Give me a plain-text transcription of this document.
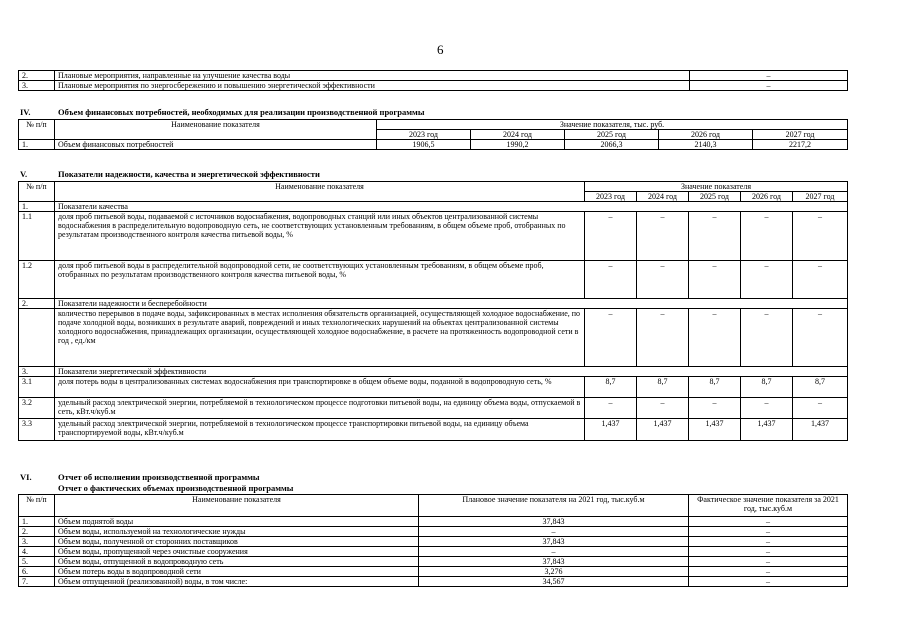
6
2.	Плановые мероприятия, направленные на улучшение качества воды	–
3.	Плановые мероприятия по энергосбережению и повышению энергетической эффективности	–
IV.	Объем финансовых потребностей, необходимых для реализации производственной программы
№ п/п	Наименование показателя	Значение показателя, тыс. руб.				
		2023 год	2024 год	2025 год	2026 год	2027 год
1.	Объем финансовых потребностей	1906,5	1990,2	2066,3	2140,3	2217,2
V.	Показатели надежности, качества и энергетической эффективности
№ п/п	Наименование показателя	Значение показателя				
		2023 год	2024 год	2025 год	2026 год	2027 год
1.	Показатели качества					
1.1	доля проб питьевой воды, подаваемой с источников водоснабжения, водопроводных станций или иных объектов централизованной системы водоснабжения в распределительную водопроводную сеть, не соответствующих установленным требованиям, в общем объеме проб, отобранных по результатам производственного контроля качества питьевой воды, %	–	–	–	–	–
1.2	доля проб питьевой воды в распределительной водопроводной сети, не соответствующих установленным требованиям, в общем объеме проб, отобранных по результатам производственного контроля качества питьевой воды, %	–	–	–	–	–
2.	Показатели надежности и бесперебойности					
	количество перерывов в подаче воды, зафиксированных в местах исполнения обязательств организацией, осуществляющей холодное водоснабжение, по подаче холодной воды, возникших в результате аварий, повреждений и иных технологических нарушений на объектах централизованной системы холодного водоснабжения, принадлежащих организации, осуществляющей холодное водоснабжение, в расчете на протяженность водопроводной сети в год , ед./км	–	–	–	–	–
3.	Показатели энергетической эффективности					
3.1	доля потерь воды в централизованных системах водоснабжения при транспортировке в общем объеме воды, поданной в водопроводную сеть, %	8,7	8,7	8,7	8,7	8,7
3.2	удельный расход электрической энергии, потребляемой в технологическом процессе подготовки питьевой воды, на единицу объема воды, отпускаемой в сеть, кВт.ч/куб.м	–	–	–	–	–
3.3	удельный расход электрической энергии, потребляемой в технологическом процессе транспортировки питьевой воды, на единицу объема транспортируемой воды, кВт.ч/куб.м	1,437	1,437	1,437	1,437	1,437
VI.	Отчет об исполнении производственной программы
Отчет о фактических объемах производственной программы
№ п/п	Наименование показателя	Плановое значение показателя на 2021 год, тыс.куб.м	Фактическое значение показателя за 2021 год, тыс.куб.м
1.	Объем поднятой воды	37,843	–
2.	Объем воды, используемой на технологические нужды	–	–
3.	Объем воды, полученной от сторонних поставщиков	37,843	–
4.	Объем воды, пропущенной через очистные сооружения	–	–
5.	Объем воды, отпущенной в водопроводную сеть	37,843	–
6.	Объем потерь воды в водопроводной сети	3,276	–
7.	Объем отпущенной (реализованной) воды, в том числе:	34,567	–
